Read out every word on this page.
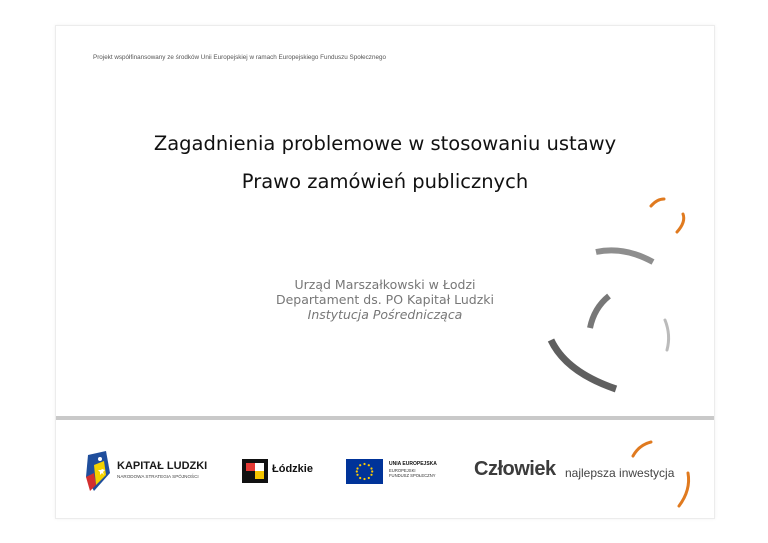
Projekt współfinansowany ze środków Unii Europejskiej w ramach Europejskiego Funduszu Społecznego
Zagadnienia problemowe w stosowaniu ustawy
Prawo zamówień publicznych
Urząd Marszałkowski w Łodzi
Departament ds. PO Kapitał Ludzki
Instytucja Pośrednicząca
KAPITAŁ LUDZKI
NARODOWA STRATEGIA SPÓJNOŚCI
Łódzkie	UNIA EUROPEJSKA
EUROPEJSKI
FUNDUSZ SPOŁECZNY Człowiek najlepsza inwestycja
